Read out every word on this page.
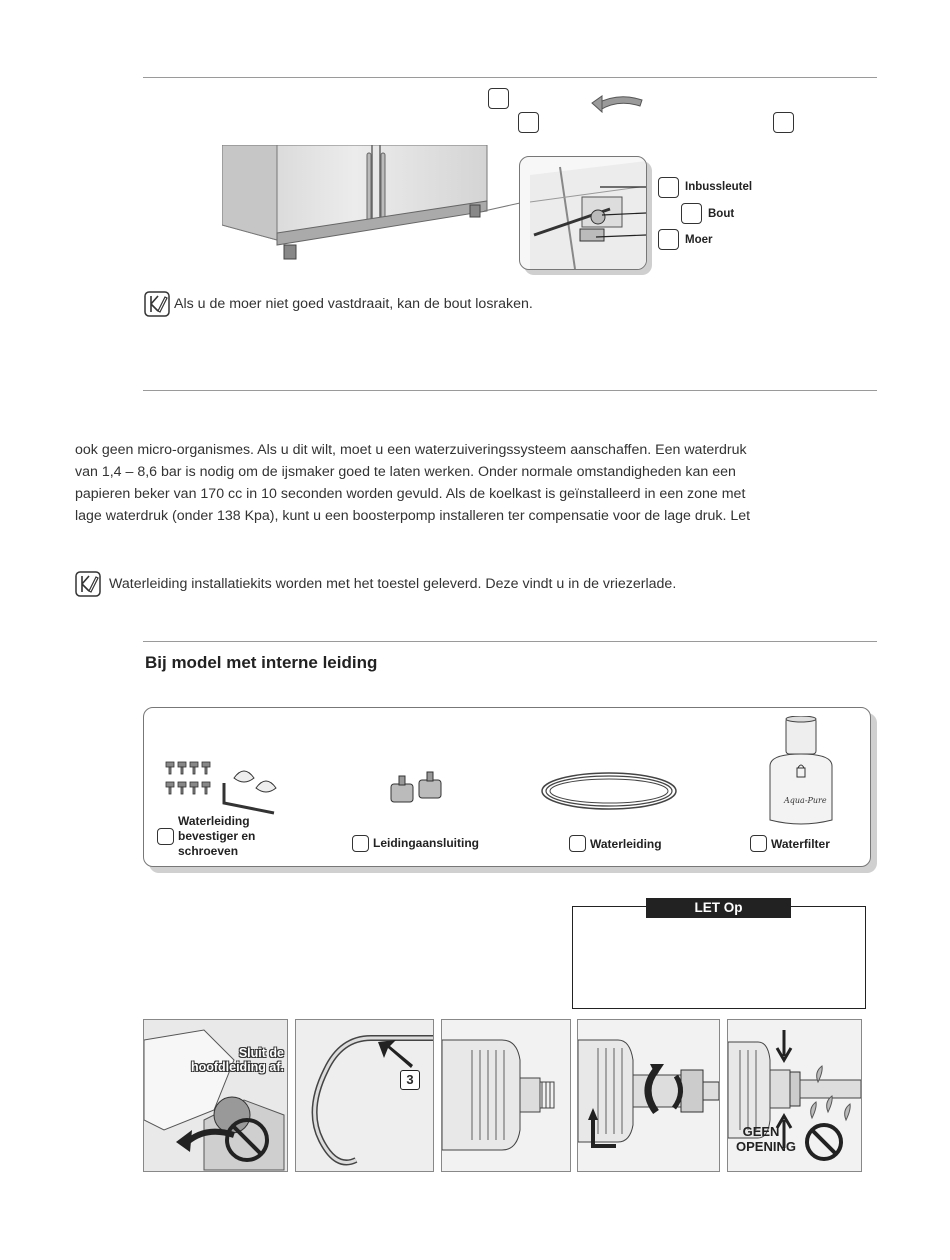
Inbussleutel
Bout
Moer
Als u de moer niet goed vastdraait, kan de bout losraken.
ook geen micro-organismes. Als u dit wilt, moet u een waterzuiveringssysteem aanschaffen. Een waterdruk
van 1,4 – 8,6 bar is nodig om de ijsmaker goed te laten werken. Onder normale omstandigheden kan een
papieren beker van 170 cc in 10 seconden worden gevuld. Als de koelkast is geïnstalleerd in een zone met
lage waterdruk (onder 138 Kpa), kunt u een boosterpomp installeren ter compensatie voor de lage druk. Let
Waterleiding installatiekits worden met het toestel geleverd. Deze vindt u in de vriezerlade.
Bij model met interne leiding
Waterleiding
bevestiger en
schroeven
Leidingaansluiting	Waterleiding
Aqua-Pure
Waterfilter
LET Op
Sluit de
hoofdleiding af.
3
GEEN
OPENING
